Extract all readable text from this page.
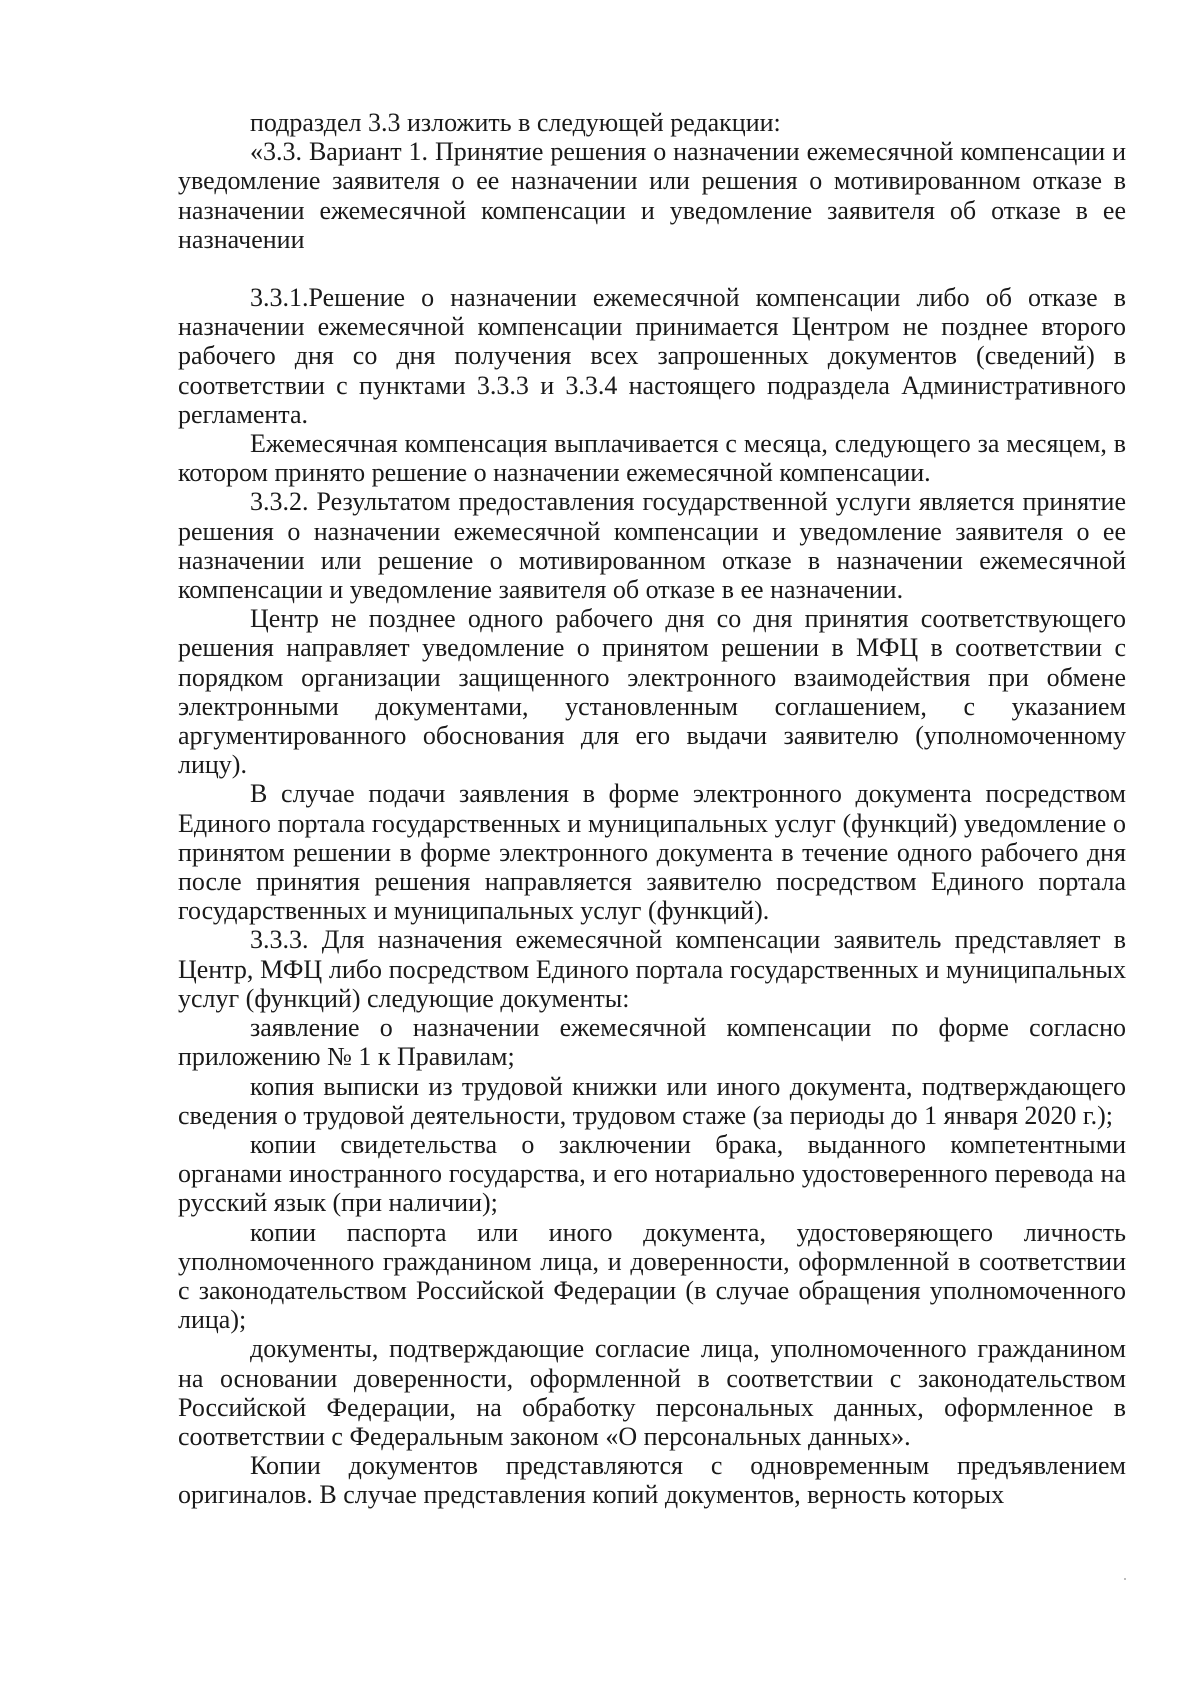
подраздел 3.3 изложить в следующей редакции:

«3.3. Вариант 1. Принятие решения о назначении ежемесячной компенсации и уведомление заявителя о ее назначении или решения о мотивированном отказе в назначении ежемесячной компенсации и уведомление заявителя об отказе в ее назначении

3.3.1.Решение о назначении ежемесячной компенсации либо об отказе в назначении ежемесячной компенсации принимается Центром не позднее второго рабочего дня со дня получения всех запрошенных документов (сведений) в соответствии с пунктами 3.3.3 и 3.3.4 настоящего подраздела Административного регламента.

Ежемесячная компенсация выплачивается с месяца, следующего за месяцем, в котором принято решение о назначении ежемесячной компенсации.

3.3.2. Результатом предоставления государственной услуги является принятие решения о назначении ежемесячной компенсации и уведомление заявителя о ее назначении или решение о мотивированном отказе в назначении ежемесячной компенсации и уведомление заявителя об отказе в ее назначении.

Центр не позднее одного рабочего дня со дня принятия соответствующего решения направляет уведомление о принятом решении в МФЦ в соответствии с порядком организации защищенного электронного взаимодействия при обмене электронными документами, установленным соглашением, с указанием аргументированного обоснования для его выдачи заявителю (уполномоченному лицу).

В случае подачи заявления в форме электронного документа посредством Единого портала государственных и муниципальных услуг (функций) уведомление о принятом решении в форме электронного документа в течение одного рабочего дня после принятия решения направляется заявителю посредством Единого портала государственных и муниципальных услуг (функций).

3.3.3. Для назначения ежемесячной компенсации заявитель представляет в Центр, МФЦ либо посредством Единого портала государственных и муниципальных услуг (функций) следующие документы:

заявление о назначении ежемесячной компенсации по форме согласно приложению № 1 к Правилам;

копия выписки из трудовой книжки или иного документа, подтверждающего сведения о трудовой деятельности, трудовом стаже (за периоды до 1 января 2020 г.);

копии свидетельства о заключении брака, выданного компетентными органами иностранного государства, и его нотариально удостоверенного перевода на русский язык (при наличии);

копии паспорта или иного документа, удостоверяющего личность уполномоченного гражданином лица, и доверенности, оформленной в соответствии с законодательством Российской Федерации (в случае обращения уполномоченного лица);

документы, подтверждающие согласие лица, уполномоченного гражданином на основании доверенности, оформленной в соответствии с законодательством Российской Федерации, на обработку персональных данных, оформленное в соответствии с Федеральным законом «О персональных данных».

Копии документов представляются с одновременным предъявлением оригиналов. В случае представления копий документов, верность которых
